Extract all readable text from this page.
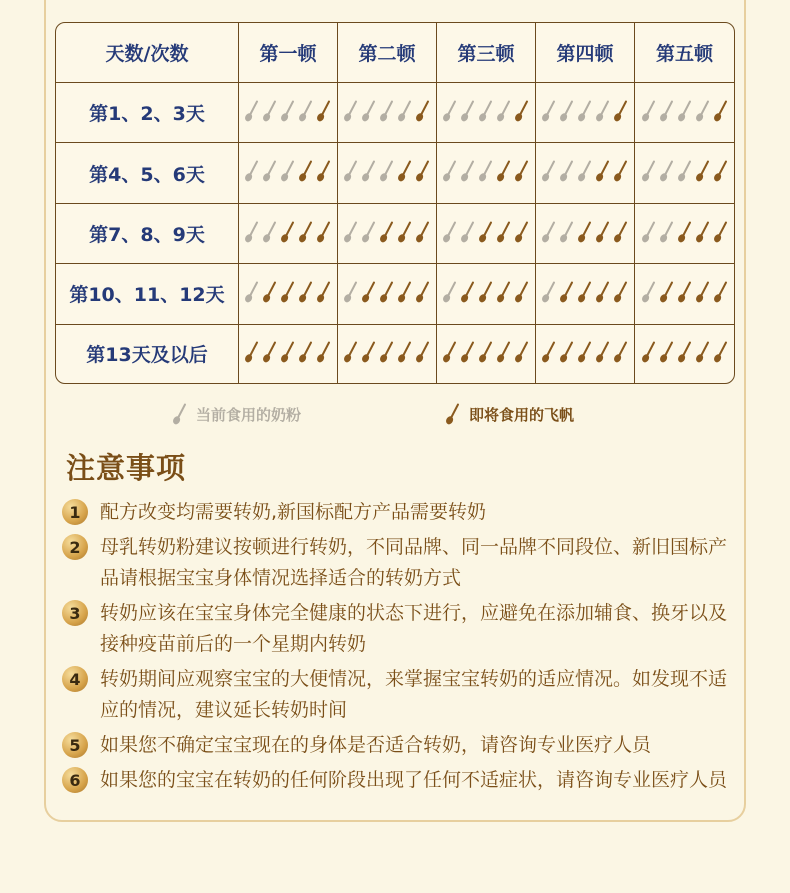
天数/次数	第一顿	第二顿	第三顿	第四顿	第五顿
第1、2、3天	

第4、5、6天	

第7、8、9天	

第10、11、12天	

第13天及以后	

当前食用的奶粉	即将食用的飞帆
注意事项
1	配方改变均需要转奶,新国标配方产品需要转奶
2	母乳转奶粉建议按顿进行转奶，不同品牌、同一品牌不同段位、新旧国标产品请根据宝宝身体情况选择适合的转奶方式
3	转奶应该在宝宝身体完全健康的状态下进行，应避免在添加辅食、换牙以及接种疫苗前后的一个星期内转奶
4	转奶期间应观察宝宝的大便情况，来掌握宝宝转奶的适应情况。如发现不适应的情况，建议延长转奶时间
5	如果您不确定宝宝现在的身体是否适合转奶，请咨询专业医疗人员
6	如果您的宝宝在转奶的任何阶段出现了任何不适症状，请咨询专业医疗人员
